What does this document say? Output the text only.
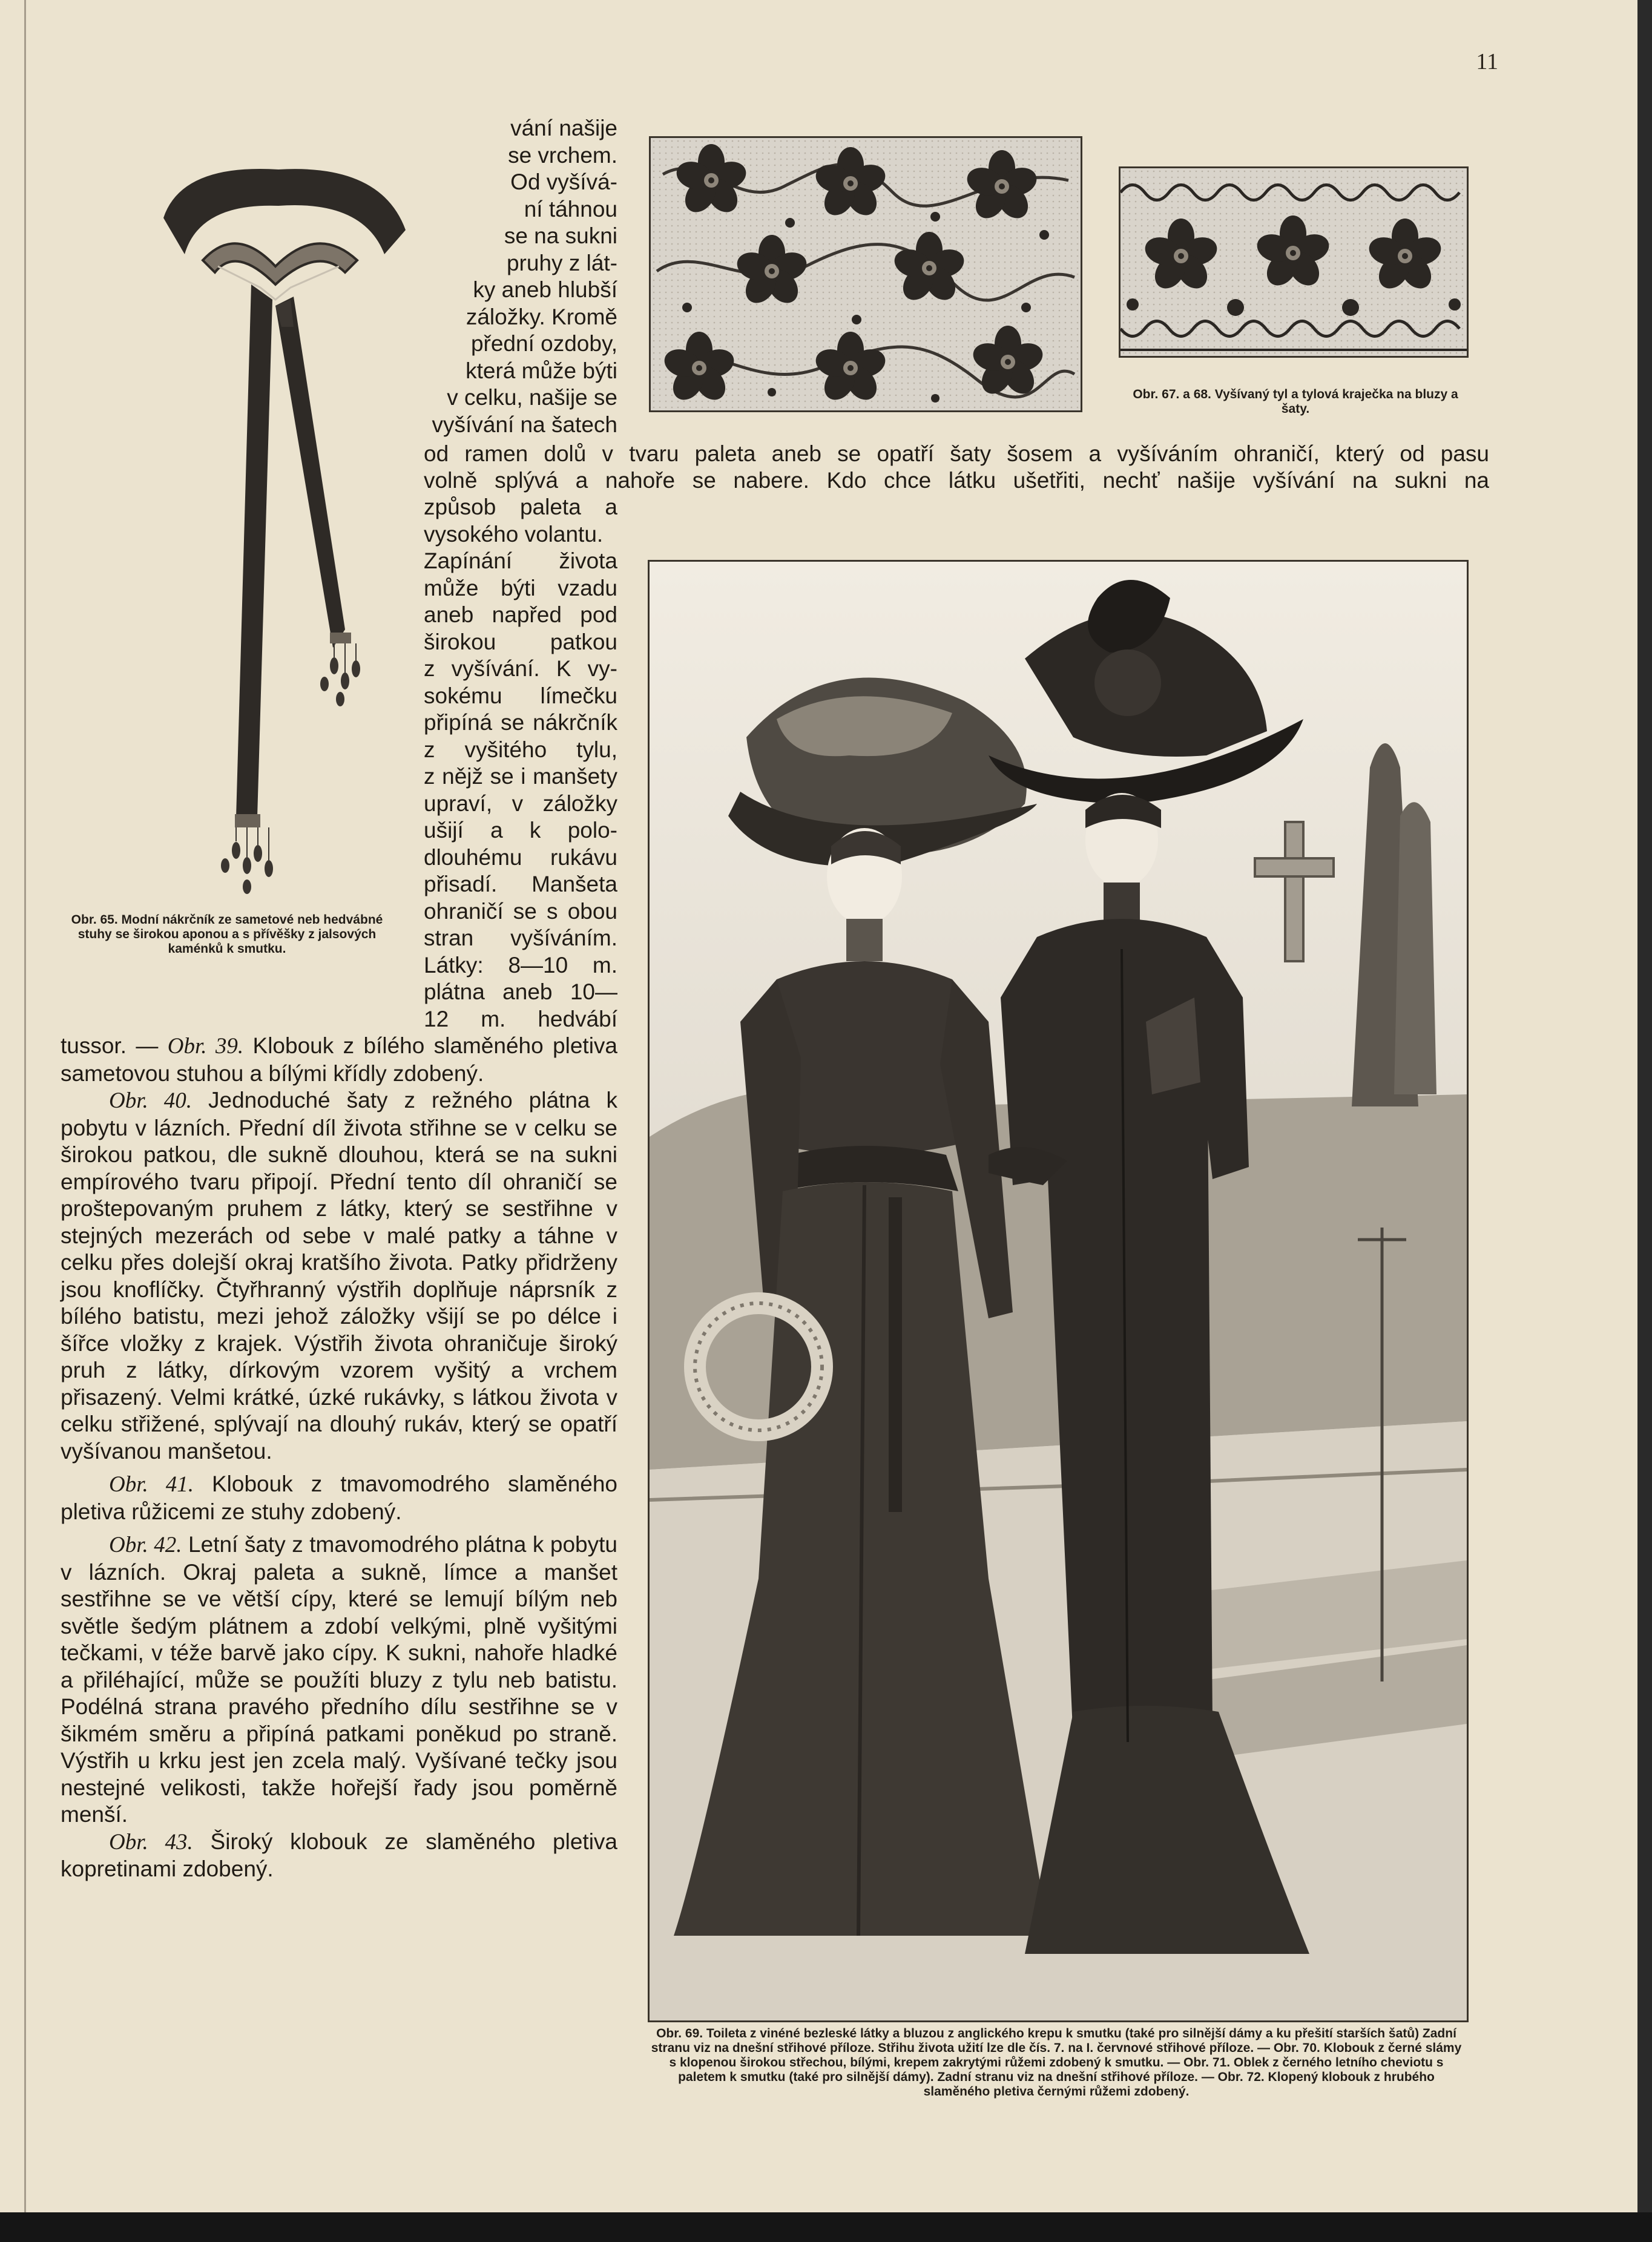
11
Obr. 65. Modní nákrčník ze sametové neb hedvábné stuhy se širokou aponou a s přívěšky z jalsových kaménků k smutku.

vání našije

se vrchem.

Od vyšívá-

ní táhnou

se na sukni

pruhy z lát-

ky aneb hlubší

záložky. Kromě

přední ozdoby,

která může býti

v celku, našije se

vyšívání na šatech

Obr. 67. a 68. Vyšívaný tyl a tylová kraječka na bluzy a šaty.
od ramen dolů v tvaru paleta aneb se opatří šaty šosem a vyšíváním ohraničí, který od pasu
volně splývá a nahoře se nabere. Kdo chce látku ušetřiti, nechť našije vyšívání na sukni na

způsob paleta a

vysokého volantu.

Zapínání života

může býti vzadu

aneb napřed pod

širokou patkou

z vyšívání. K vy-

sokému límečku

připíná se nákrčník

z vyšitého tylu,

z nějž se i manšety

upraví, v záložky

ušijí a k polo-

dlouhému rukávu

přisadí. Manšeta

ohraničí se s obou

stran vyšíváním.

Látky: 8—10 m.

plátna aneb 10—

12 m. hedvábí

tussor. — Obr. 39. Klobouk z bílého slaměného pletiva sametovou stuhou a bílými křídly zdobený.

Obr. 40. Jednoduché šaty z režného plátna k pobytu v lázních. Přední díl života střihne se v celku se širokou patkou, dle sukně dlouhou, která se na sukni empírového tvaru připojí. Přední tento díl ohraničí se proštepovaným pruhem z látky, který se sestřihne v stejných mezerách od sebe v malé patky a táhne v celku přes dolejší okraj kratšího života. Patky přidrženy jsou knoflíčky. Čtyřhranný výstřih doplňuje náprsník z bílého batistu, mezi jehož záložky všijí se po délce i šířce vložky z krajek. Výstřih života ohraničuje široký pruh z látky, dírkovým vzorem vyšitý a vrchem přisazený. Velmi krátké, úzké rukávky, s látkou života v celku střižené, splývají na dlouhý rukáv, který se opatří vyšívanou manšetou.

Obr. 41. Klobouk z tmavomodrého slaměného pletiva růžicemi ze stuhy zdobený.

Obr. 42. Letní šaty z tmavomodrého plátna k pobytu v lázních. Okraj paleta a sukně, límce a manšet sestřihne se ve větší cípy, které se lemují bílým neb světle šedým plátnem a zdobí velkými, plně vyšitými tečkami, v téže barvě jako cípy. K sukni, nahoře hladké a přiléhající, může se použíti bluzy z tylu neb batistu. Podélná strana pravého předního dílu sestřihne se v šikmém směru a připíná patkami poněkud po straně. Výstřih u krku jest jen zcela malý. Vyšívané tečky jsou nestejné velikosti, takže hořejší řady jsou poměrně menší.

Obr. 43. Široký klobouk ze slaměného pletiva kopretinami zdobený.

Obr. 69. Toileta z vinéné bezleské látky a bluzou z anglického krepu k smutku (také pro silnější dámy a ku přešití starších šatů) Zadní stranu viz na dnešní střihové příloze. Střihu života užití lze dle čís. 7. na I. červnové střihové příloze. — Obr. 70. Klobouk z černé slámy s klopenou širokou střechou, bílými, krepem zakrytými růžemi zdobený k smutku. — Obr. 71. Oblek z černého letního cheviotu s paletem k smutku (také pro silnější dámy). Zadní stranu viz na dnešní střihové příloze. — Obr. 72. Klopený klobouk z hrubého slaměného pletiva černými růžemi zdobený.
